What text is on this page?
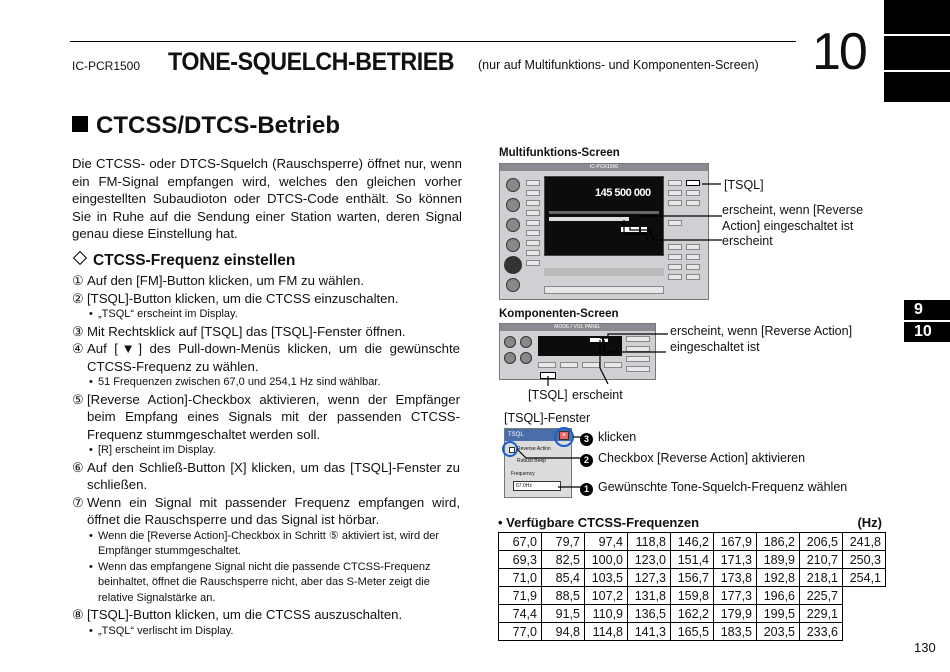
IC-PCR1500 TONE-SQUELCH-BETRIEB (nur auf Multifunktions- und Komponenten-Screen) 10
9
10
CTCSS/DTCS-Betrieb
Die CTCSS- oder DTCS-Squelch (Rauschsperre) öffnet nur, wenn ein FM-Signal empfangen wird, welches den gleichen vorher eingestellten Subaudioton oder DTCS-Code enthält. So können Sie in Ruhe auf die Sendung einer Station warten, deren Signal genau diese Einstellung hat.
CTCSS-Frequenz einstellen
① Auf den [FM]-Button klicken, um FM zu wählen.
② [TSQL]-Button klicken, um die CTCSS einzuschalten.
• „TSQL“ erscheint im Display.
③ Mit Rechtsklick auf [TSQL] das [TSQL]-Fenster öffnen.
④ Auf [▼] des Pull-down-Menüs klicken, um die gewünschte CTCSS-Frequenz zu wählen.
• 51 Frequenzen zwischen 67,0 und 254,1 Hz sind wählbar.
⑤ [Reverse Action]-Checkbox aktivieren, wenn der Empfänger beim Empfang eines Signals mit der passenden CTCSS-Frequenz stummgeschaltet werden soll.
• [R] erscheint im Display.
⑥ Auf den Schließ-Button [X] klicken, um das [TSQL]-Fenster zu schließen.
⑦ Wenn ein Signal mit passender Frequenz empfangen wird, öffnet die Rauschsperre und das Signal ist hörbar.
• Wenn die [Reverse Action]-Checkbox in Schritt ⑤ aktiviert ist, wird der Empfänger stummgeschaltet.
• Wenn das empfangene Signal nicht die passende CTCSS-Frequenz beinhaltet, öffnet die Rauschsperre nicht, aber das S-Meter zeigt die relative Signalstärke an.
⑧ [TSQL]-Button klicken, um die CTCSS auszuschalten.
• „TSQL“ verlischt im Display.
Multifunktions-Screen
IC-PCR1500
145 500 000
[TSQL]
erscheint, wenn [Reverse Action] eingeschaltet ist
erscheint
Komponenten-Screen
MODE / VOL PANEL	erscheint, wenn [Reverse Action] eingeschaltet ist
[TSQL] erscheint
[TSQL]-Fenster
TSQL	×
Reverse Action
Robust Beep
Frequency
67.0Hz
3 klicken
2 Checkbox [Reverse Action] aktivieren
1 Gewünschte Tone-Squelch-Frequenz wählen
• Verfügbare CTCSS-Frequenzen	(Hz)
67,0	79,7	97,4	118,8	146,2	167,9	186,2	206,5	241,8
69,3	82,5	100,0	123,0	151,4	171,3	189,9	210,7	250,3
71,0	85,4	103,5	127,3	156,7	173,8	192,8	218,1	254,1
71,9	88,5	107,2	131,8	159,8	177,3	196,6	225,7	
74,4	91,5	110,9	136,5	162,2	179,9	199,5	229,1	
77,0	94,8	114,8	141,3	165,5	183,5	203,5	233,6	
130
